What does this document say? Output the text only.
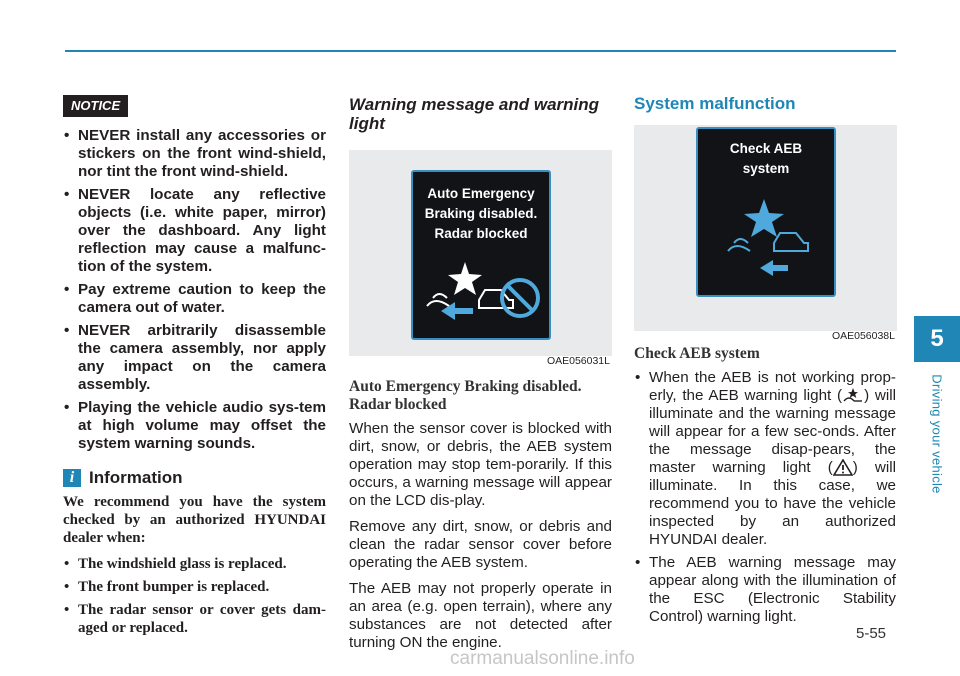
NOTICE
• NEVER install any accessories or stickers on the front wind-shield, nor tint the front wind-shield.
• NEVER locate any reflective objects (i.e. white paper, mirror) over the dashboard. Any light reflection may cause a malfunc-tion of the system.
• Pay extreme caution to keep the camera out of water.
• NEVER arbitrarily disassemble the camera assembly, nor apply any impact on the camera assembly.
• Playing the vehicle audio sys-tem at high volume may offset the system warning sounds.
i Information

We recommend you have the system checked by an authorized HYUNDAI dealer when:

• The windshield glass is replaced.
• The front bumper is replaced.
• The radar sensor or cover gets dam-aged or replaced.
Warning message and warning light
Auto Emergency
Braking disabled.
Radar blocked
OAE056031L
Auto Emergency Braking disabled. Radar blocked

When the sensor cover is blocked with dirt, snow, or debris, the AEB system operation may stop tem-porarily. If this occurs, a warning message will appear on the LCD dis-play.

Remove any dirt, snow, or debris and clean the radar sensor cover before operating the AEB system.

The AEB may not properly operate in an area (e.g. open terrain), where any substances are not detected after turning ON the engine.

System malfunction
Check AEB
system
OAE056038L
Check AEB system
• When the AEB is not working prop-erly, the AEB warning light ( ) will illuminate and the warning message will appear for a few sec-onds. After the message disap-pears, the master warning light ( ) will illuminate. In this case, we recommend you to have the vehicle inspected by an authorized HYUNDAI dealer.
• The AEB warning message may appear along with the illumination of the ESC (Electronic Stability Control) warning light.
5
Driving your vehicle
5-55
carmanualsonline.info
